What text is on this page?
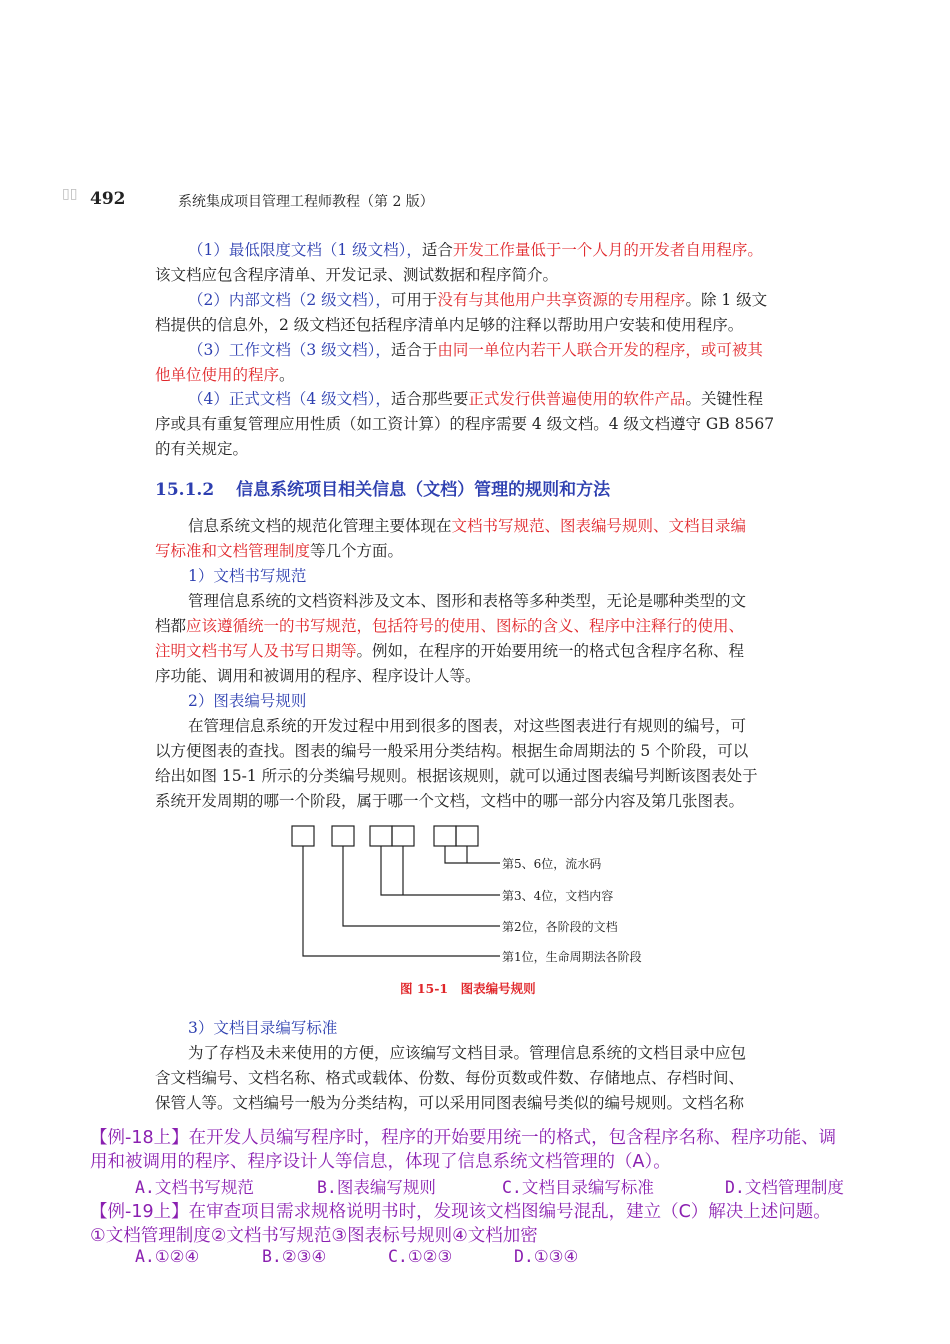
▯▯ 492	系统集成项目管理工程师教程（第 2 版）
（1）最低限度文档（1 级文档），适合开发工作量低于一个人月的开发者自用程序。
该文档应包含程序清单、开发记录、测试数据和程序简介。
（2）内部文档（2 级文档），可用于没有与其他用户共享资源的专用程序。除 1 级文
档提供的信息外，2 级文档还包括程序清单内足够的注释以帮助用户安装和使用程序。
（3）工作文档（3 级文档），适合于由同一单位内若干人联合开发的程序，或可被其
他单位使用的程序。
（4）正式文档（4 级文档），适合那些要正式发行供普遍使用的软件产品。关键性程
序或具有重复管理应用性质（如工资计算）的程序需要 4 级文档。4 级文档遵守 GB 8567
的有关规定。
15.1.2 信息系统项目相关信息（文档）管理的规则和方法
信息系统文档的规范化管理主要体现在文档书写规范、图表编号规则、文档目录编
写标准和文档管理制度等几个方面。
1）文档书写规范
管理信息系统的文档资料涉及文本、图形和表格等多种类型，无论是哪种类型的文
档都应该遵循统一的书写规范，包括符号的使用、图标的含义、程序中注释行的使用、
注明文档书写人及书写日期等。例如，在程序的开始要用统一的格式包含程序名称、程
序功能、调用和被调用的程序、程序设计人等。
2）图表编号规则
在管理信息系统的开发过程中用到很多的图表，对这些图表进行有规则的编号，可
以方便图表的查找。图表的编号一般采用分类结构。根据生命周期法的 5 个阶段，可以
给出如图 15-1 所示的分类编号规则。根据该规则，就可以通过图表编号判断该图表处于
系统开发周期的哪一个阶段，属于哪一个文档，文档中的哪一部分内容及第几张图表。
第5、6位，流水码
第3、4位，文档内容
第2位，各阶段的文档
第1位，生命周期法各阶段
图 15-1　图表编号规则
3）文档目录编写标准
为了存档及未来使用的方便，应该编写文档目录。管理信息系统的文档目录中应包
含文档编号、文档名称、格式或载体、份数、每份页数或件数、存储地点、存档时间、
保管人等。文档编号一般为分类结构，可以采用同图表编号类似的编号规则。文档名称
【例-18上】在开发人员编写程序时，程序的开始要用统一的格式，包含程序名称、程序功能、调
用和被调用的程序、程序设计人等信息，体现了信息系统文档管理的（A）。
A.文档书写规范	B.图表编写规则	C.文档目录编写标准	D.文档管理制度
【例-19上】在审查项目需求规格说明书时，发现该文档图编号混乱，建立（C）解决上述问题。
①文档管理制度②文档书写规范③图表标号规则④文档加密
A.①②④	B.②③④	C.①②③	D.①③④
